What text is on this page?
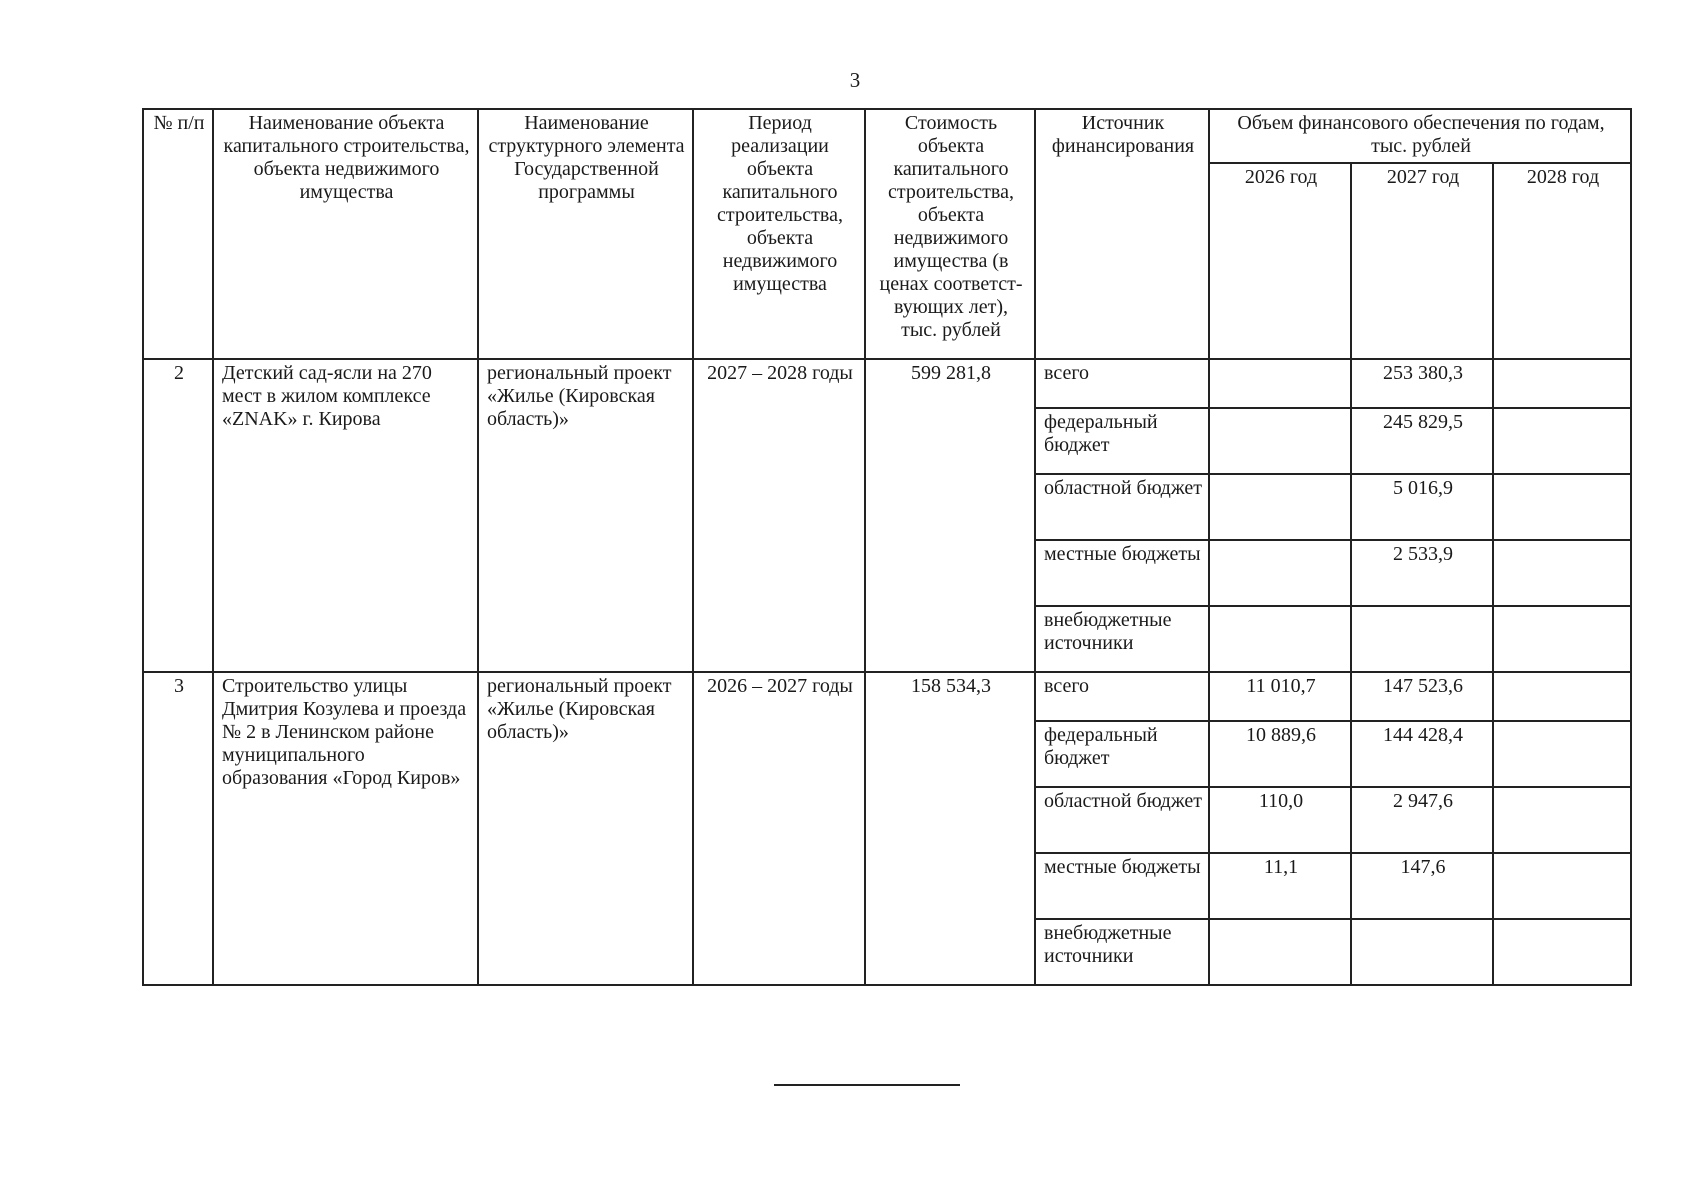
3
№ п/п	Наименование объекта капитального строительства, объекта недвижимого имущества	Наименование структурного элемента Государственной программы	Период реализации объекта капитального строительства, объекта недвижимого имущества	Стоимость объекта капитального строительства, объекта недвижимого имущества (в ценах соответст-вующих лет), тыс. рублей	Источник финансирования	Объем финансового обеспечения по годам, тыс. рублей		
						2026 год	2027 год	2028 год
2	Детский сад-ясли на 270 мест в жилом комплексе «ZNAK» г. Кирова	региональный проект «Жилье (Кировская область)»	2027 – 2028 годы	599 281,8	всего		253 380,3	
					федеральный бюджет		245 829,5	
					областной бюджет		5 016,9	
					местные бюджеты		2 533,9	
					внебюджетные источники			
3	Строительство улицы Дмитрия Козулева и проезда № 2 в Ленинском районе муниципального образования «Город Киров»	региональный проект «Жилье (Кировская область)»	2026 – 2027 годы	158 534,3	всего	11 010,7	147 523,6	
					федеральный бюджет	10 889,6	144 428,4	
					областной бюджет	110,0	2 947,6	
					местные бюджеты	11,1	147,6	
					внебюджетные источники			
